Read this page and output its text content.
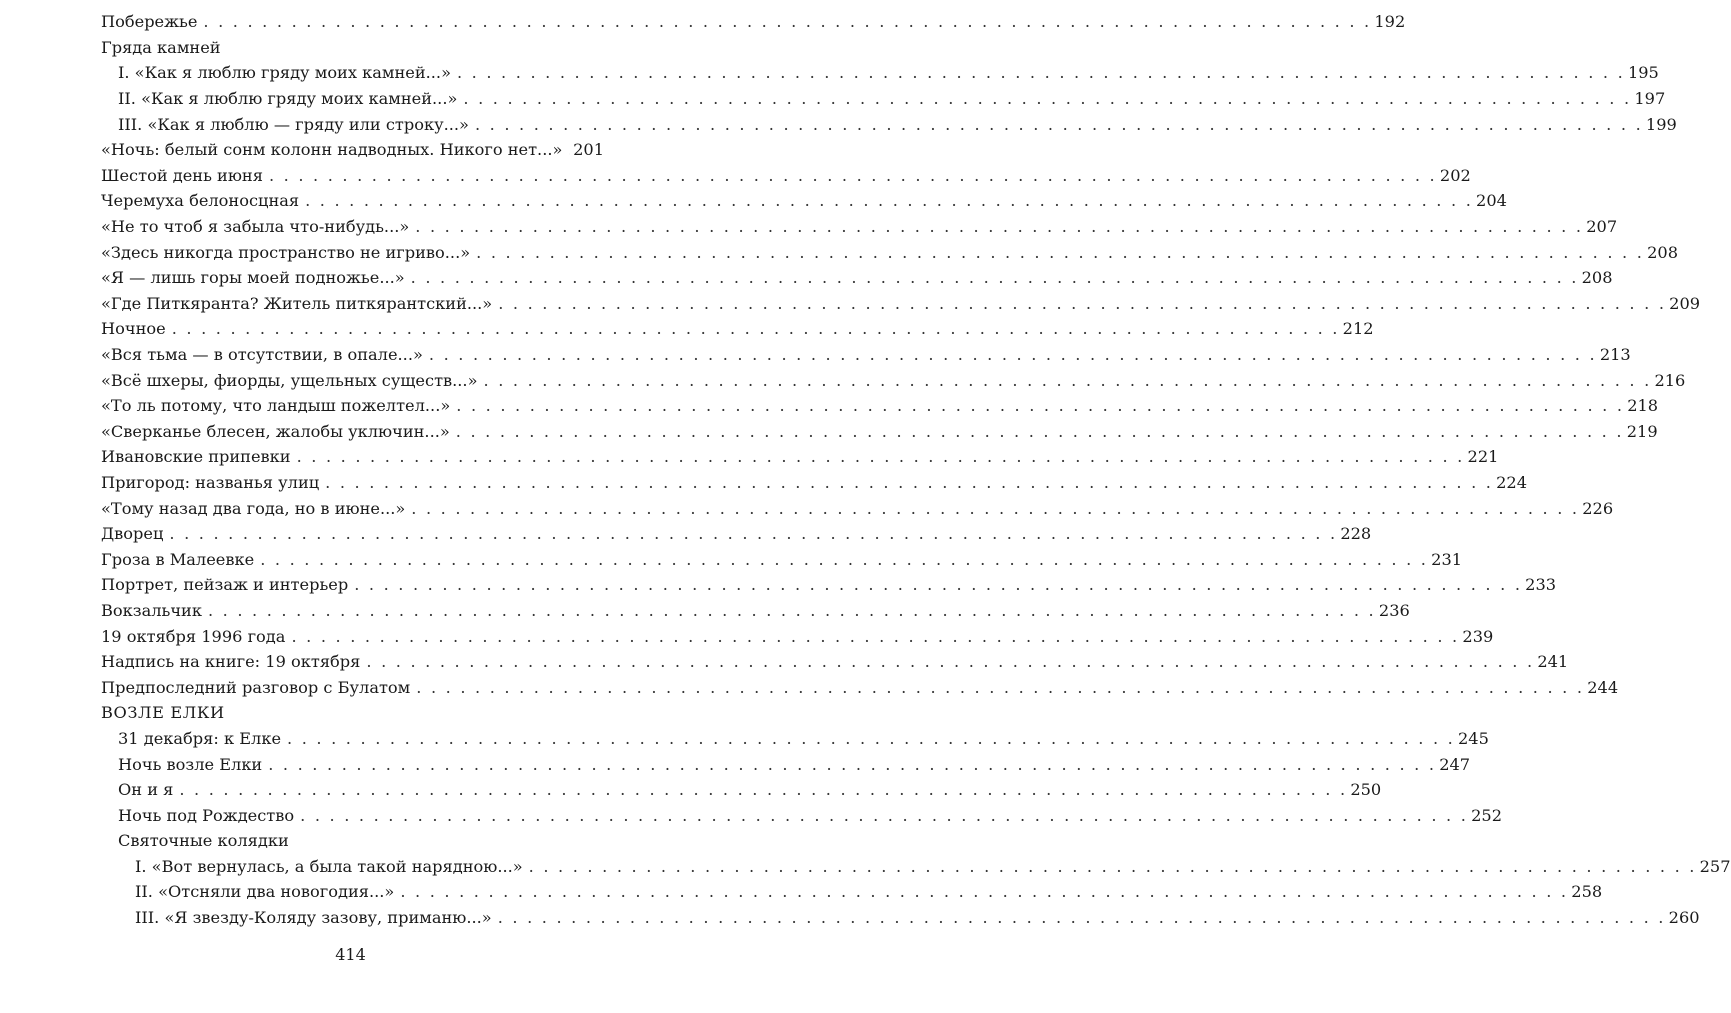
Побережье . . . . . . . . . . . . . . . . . . . . . . . . . . . . . . . . . . . . . . . . . . . . . . . . . . . . . . . . . . . . . . . . . . . . . . . . . . . . . . . . 192
Гряда камней
I. «Как я люблю гряду моих камней...» . . . . . . . . . . . . . . . . . . . . . . . . . . . . . . . . . . . . . . . . . . . . . . . . . . . . . . . . . . . . . . . . . . . . . . . . . . . . . . . . 195
II. «Как я люблю гряду моих камней...» . . . . . . . . . . . . . . . . . . . . . . . . . . . . . . . . . . . . . . . . . . . . . . . . . . . . . . . . . . . . . . . . . . . . . . . . . . . . . . . . 197
III. «Как я люблю — гряду или строку...» . . . . . . . . . . . . . . . . . . . . . . . . . . . . . . . . . . . . . . . . . . . . . . . . . . . . . . . . . . . . . . . . . . . . . . . . . . . . . . . . 199
«Ночь: белый сонм колонн надводных. Никого нет...» 201
Шестой день июня . . . . . . . . . . . . . . . . . . . . . . . . . . . . . . . . . . . . . . . . . . . . . . . . . . . . . . . . . . . . . . . . . . . . . . . . . . . . . . . . 202
Черемуха белоносцная . . . . . . . . . . . . . . . . . . . . . . . . . . . . . . . . . . . . . . . . . . . . . . . . . . . . . . . . . . . . . . . . . . . . . . . . . . . . . . . . 204
«Не то чтоб я забыла что-нибудь...» . . . . . . . . . . . . . . . . . . . . . . . . . . . . . . . . . . . . . . . . . . . . . . . . . . . . . . . . . . . . . . . . . . . . . . . . . . . . . . . . 207
«Здесь никогда пространство не игриво...» . . . . . . . . . . . . . . . . . . . . . . . . . . . . . . . . . . . . . . . . . . . . . . . . . . . . . . . . . . . . . . . . . . . . . . . . . . . . . . . . 208
«Я — лишь горы моей подножье...» . . . . . . . . . . . . . . . . . . . . . . . . . . . . . . . . . . . . . . . . . . . . . . . . . . . . . . . . . . . . . . . . . . . . . . . . . . . . . . . . 208
«Где Питкяранта? Житель питкярантский...» . . . . . . . . . . . . . . . . . . . . . . . . . . . . . . . . . . . . . . . . . . . . . . . . . . . . . . . . . . . . . . . . . . . . . . . . . . . . . . . . 209
Ночное . . . . . . . . . . . . . . . . . . . . . . . . . . . . . . . . . . . . . . . . . . . . . . . . . . . . . . . . . . . . . . . . . . . . . . . . . . . . . . . . 212
«Вся тьма — в отсутствии, в опале...» . . . . . . . . . . . . . . . . . . . . . . . . . . . . . . . . . . . . . . . . . . . . . . . . . . . . . . . . . . . . . . . . . . . . . . . . . . . . . . . . 213
«Всё шхеры, фиорды, ущельных существ...» . . . . . . . . . . . . . . . . . . . . . . . . . . . . . . . . . . . . . . . . . . . . . . . . . . . . . . . . . . . . . . . . . . . . . . . . . . . . . . . . 216
«То ль потому, что ландыш пожелтел...» . . . . . . . . . . . . . . . . . . . . . . . . . . . . . . . . . . . . . . . . . . . . . . . . . . . . . . . . . . . . . . . . . . . . . . . . . . . . . . . . 218
«Сверканье блесен, жалобы уключин...» . . . . . . . . . . . . . . . . . . . . . . . . . . . . . . . . . . . . . . . . . . . . . . . . . . . . . . . . . . . . . . . . . . . . . . . . . . . . . . . . 219
Ивановские припевки . . . . . . . . . . . . . . . . . . . . . . . . . . . . . . . . . . . . . . . . . . . . . . . . . . . . . . . . . . . . . . . . . . . . . . . . . . . . . . . . 221
Пригород: названья улиц . . . . . . . . . . . . . . . . . . . . . . . . . . . . . . . . . . . . . . . . . . . . . . . . . . . . . . . . . . . . . . . . . . . . . . . . . . . . . . . . 224
«Тому назад два года, но в июне...» . . . . . . . . . . . . . . . . . . . . . . . . . . . . . . . . . . . . . . . . . . . . . . . . . . . . . . . . . . . . . . . . . . . . . . . . . . . . . . . . 226
Дворец . . . . . . . . . . . . . . . . . . . . . . . . . . . . . . . . . . . . . . . . . . . . . . . . . . . . . . . . . . . . . . . . . . . . . . . . . . . . . . . . 228
Гроза в Малеевке . . . . . . . . . . . . . . . . . . . . . . . . . . . . . . . . . . . . . . . . . . . . . . . . . . . . . . . . . . . . . . . . . . . . . . . . . . . . . . . . 231
Портрет, пейзаж и интерьер . . . . . . . . . . . . . . . . . . . . . . . . . . . . . . . . . . . . . . . . . . . . . . . . . . . . . . . . . . . . . . . . . . . . . . . . . . . . . . . . 233
Вокзальчик . . . . . . . . . . . . . . . . . . . . . . . . . . . . . . . . . . . . . . . . . . . . . . . . . . . . . . . . . . . . . . . . . . . . . . . . . . . . . . . . 236
19 октября 1996 года . . . . . . . . . . . . . . . . . . . . . . . . . . . . . . . . . . . . . . . . . . . . . . . . . . . . . . . . . . . . . . . . . . . . . . . . . . . . . . . . 239
Надпись на книге: 19 октября . . . . . . . . . . . . . . . . . . . . . . . . . . . . . . . . . . . . . . . . . . . . . . . . . . . . . . . . . . . . . . . . . . . . . . . . . . . . . . . . 241
Предпоследний разговор с Булатом . . . . . . . . . . . . . . . . . . . . . . . . . . . . . . . . . . . . . . . . . . . . . . . . . . . . . . . . . . . . . . . . . . . . . . . . . . . . . . . . 244
ВОЗЛЕ ЕЛКИ
31 декабря: к Елке . . . . . . . . . . . . . . . . . . . . . . . . . . . . . . . . . . . . . . . . . . . . . . . . . . . . . . . . . . . . . . . . . . . . . . . . . . . . . . . . 245
Ночь возле Елки . . . . . . . . . . . . . . . . . . . . . . . . . . . . . . . . . . . . . . . . . . . . . . . . . . . . . . . . . . . . . . . . . . . . . . . . . . . . . . . . 247
Он и я . . . . . . . . . . . . . . . . . . . . . . . . . . . . . . . . . . . . . . . . . . . . . . . . . . . . . . . . . . . . . . . . . . . . . . . . . . . . . . . . 250
Ночь под Рождество . . . . . . . . . . . . . . . . . . . . . . . . . . . . . . . . . . . . . . . . . . . . . . . . . . . . . . . . . . . . . . . . . . . . . . . . . . . . . . . . 252
Святочные колядки
I. «Вот вернулась, а была такой нарядною...» . . . . . . . . . . . . . . . . . . . . . . . . . . . . . . . . . . . . . . . . . . . . . . . . . . . . . . . . . . . . . . . . . . . . . . . . . . . . . . . . 257
II. «Отсняли два новогодия...» . . . . . . . . . . . . . . . . . . . . . . . . . . . . . . . . . . . . . . . . . . . . . . . . . . . . . . . . . . . . . . . . . . . . . . . . . . . . . . . . 258
III. «Я звезду-Коляду зазову, приманю...» . . . . . . . . . . . . . . . . . . . . . . . . . . . . . . . . . . . . . . . . . . . . . . . . . . . . . . . . . . . . . . . . . . . . . . . . . . . . . . . . 260
414
